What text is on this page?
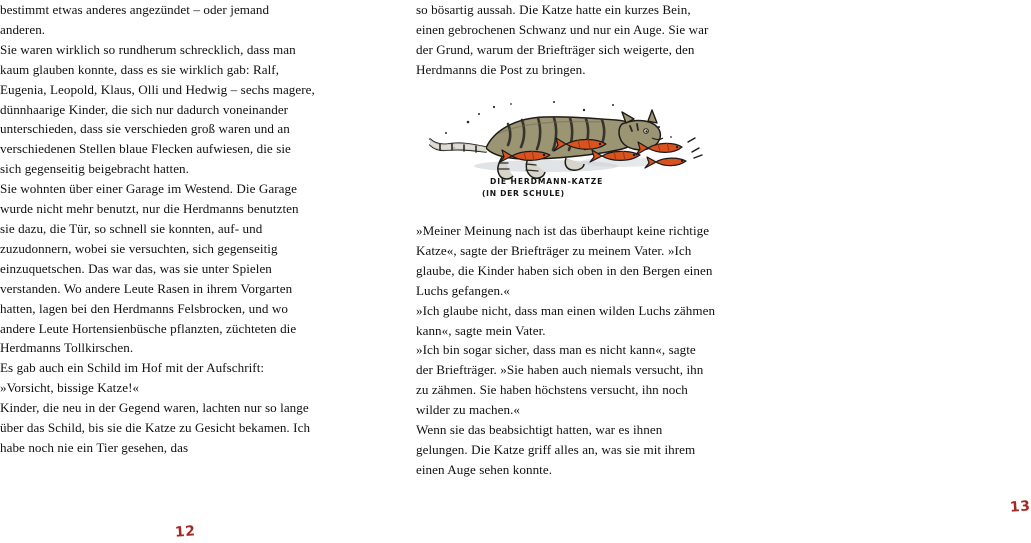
bestimmt etwas anderes angezündet – oder jemand anderen.

Sie waren wirklich so rundherum schrecklich, dass man kaum glauben konnte, dass es sie wirklich gab: Ralf, Eugenia, Leopold, Klaus, Olli und Hedwig – sechs magere, dünnhaarige Kinder, die sich nur dadurch voneinander unterschieden, dass sie verschieden groß waren und an verschiedenen Stellen blaue Flecken aufwiesen, die sie sich gegenseitig beigebracht hatten.

Sie wohnten über einer Garage im Westend. Die Garage wurde nicht mehr benutzt, nur die Herdmanns benutzten sie dazu, die Tür, so schnell sie konnten, auf- und zuzudonnern, wobei sie versuchten, sich gegenseitig einzuquetschen. Das war das, was sie unter Spielen verstanden. Wo andere Leute Rasen in ihrem Vorgarten hatten, lagen bei den Herdmanns Felsbrocken, und wo andere Leute Hortensienbüsche pflanzten, züchteten die Herdmanns Tollkirschen.

Es gab auch ein Schild im Hof mit der Aufschrift: »Vorsicht, bissige Katze!«

Kinder, die neu in der Gegend waren, lachten nur so lange über das Schild, bis sie die Katze zu Gesicht bekamen. Ich habe noch nie ein Tier gesehen, das

12

so bösartig aussah. Die Katze hatte ein kurzes Bein, einen gebrochenen Schwanz und nur ein Auge. Sie war der Grund, warum der Briefträger sich weigerte, den Herdmanns die Post zu bringen.

DIE HERDMANN-KATZE
(IN DER SCHULE)

»Meiner Meinung nach ist das überhaupt keine richtige Katze«, sagte der Briefträger zu meinem Vater. »Ich glaube, die Kinder haben sich oben in den Bergen einen Luchs gefangen.«

»Ich glaube nicht, dass man einen wilden Luchs zähmen kann«, sagte mein Vater.

»Ich bin sogar sicher, dass man es nicht kann«, sagte der Briefträger. »Sie haben auch niemals versucht, ihn zu zähmen. Sie haben höchstens versucht, ihn noch wilder zu machen.«

Wenn sie das beabsichtigt hatten, war es ihnen gelungen. Die Katze griff alles an, was sie mit ihrem einen Auge sehen konnte.

13
